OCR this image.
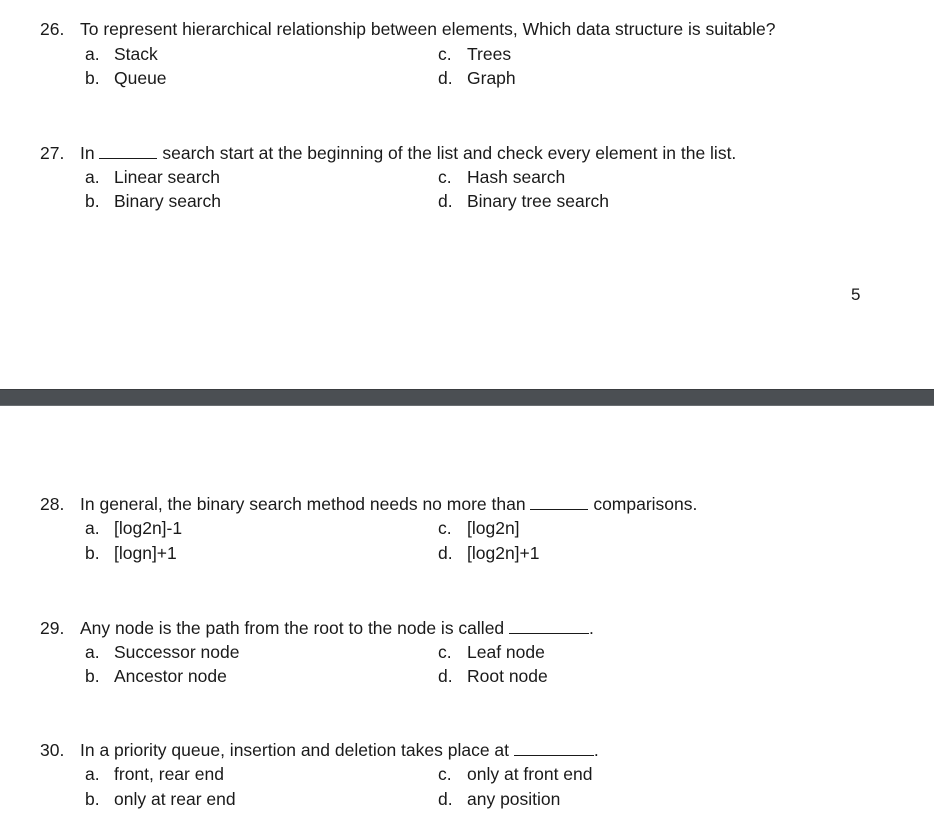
26. To represent hierarchical relationship between elements, Which data structure is suitable?
a. Stack
b. Queue
c. Trees
d. Graph
27. In	search start at the beginning of the list and check every element in the list.
a. Linear search
b. Binary search
c. Hash search
d. Binary tree search
5
28. In general, the binary search method needs no more than	comparisons.
a. [log2n]-1
b. [logn]+1
c. [log2n]
d. [log2n]+1
29. Any node is the path from the root to the node is called	.
a. Successor node
b. Ancestor node
c. Leaf node
d. Root node
30. In a priority queue, insertion and deletion takes place at	.
a. front, rear end
b. only at rear end
c. only at front end
d. any position
